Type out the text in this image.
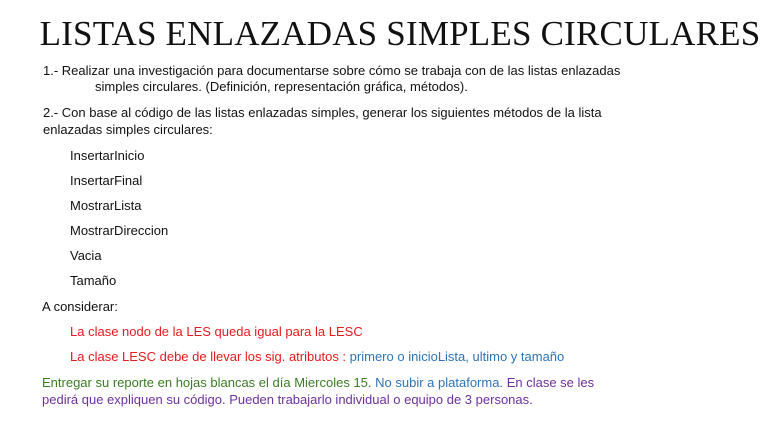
LISTAS ENLAZADAS SIMPLES CIRCULARES
1.- Realizar una investigación para documentarse sobre cómo se trabaja con de las listas enlazadas
simples circulares. (Definición, representación gráfica, métodos).
2.- Con base al código de las listas enlazadas simples, generar los siguientes métodos de la lista
enlazadas simples circulares:
InsertarInicio
InsertarFinal
MostrarLista
MostrarDireccion
Vacia
Tamaño
A considerar:
La clase nodo de la LES queda igual para la LESC
La clase LESC debe de llevar los sig. atributos : primero o inicioLista, ultimo y tamaño
Entregar su reporte en hojas blancas el día Miercoles 15. No subir a plataforma. En clase se les
pedirá que expliquen su código. Pueden trabajarlo individual o equipo de 3 personas.
